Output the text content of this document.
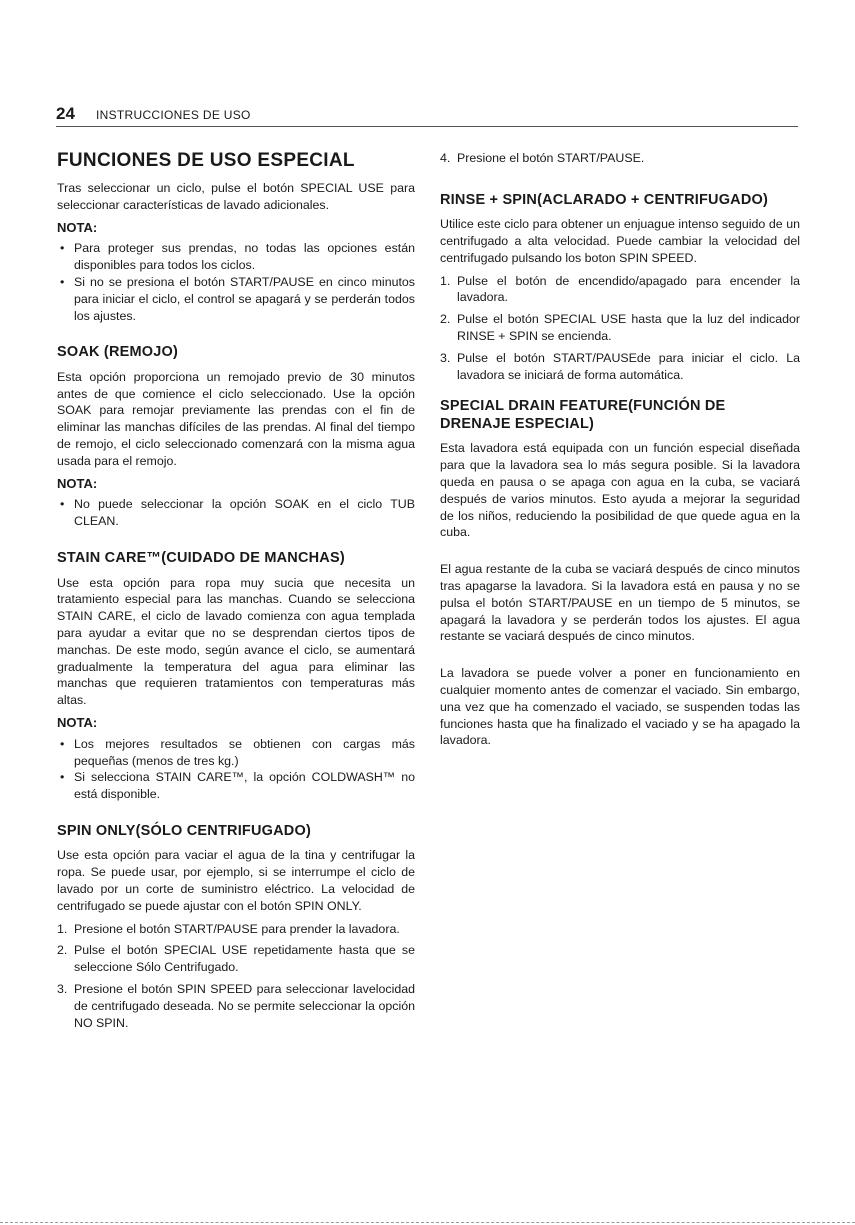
24 INSTRUCCIONES DE USO
FUNCIONES DE USO ESPECIAL

Tras seleccionar un ciclo, pulse el botón SPECIAL USE para seleccionar características de lavado adicionales.

NOTA:
• Para proteger sus prendas, no todas las opciones están disponibles para todos los ciclos.
• Si no se presiona el botón START/PAUSE en cinco minutos para iniciar el ciclo, el control se apagará y se perderán todos los ajustes.
SOAK (REMOJO)

Esta opción proporciona un remojado previo de 30 minutos antes de que comience el ciclo seleccionado. Use la opción SOAK para remojar previamente las prendas con el fin de eliminar las manchas difíciles de las prendas. Al final del tiempo de remojo, el ciclo seleccionado comenzará con la misma agua usada para el remojo.

NOTA:
• No puede seleccionar la opción SOAK en el ciclo TUB CLEAN.
STAIN CARE™(CUIDADO DE MANCHAS)

Use esta opción para ropa muy sucia que necesita un tratamiento especial para las manchas. Cuando se selecciona STAIN CARE, el ciclo de lavado comienza con agua templada para ayudar a evitar que no se desprendan ciertos tipos de manchas. De este modo, según avance el ciclo, se aumentará gradualmente la temperatura del agua para eliminar las manchas que requieren tratamientos con temperaturas más altas.

NOTA:
• Los mejores resultados se obtienen con cargas más pequeñas (menos de tres kg.)
• Si selecciona STAIN CARE™, la opción COLDWASH™ no está disponible.
SPIN ONLY(SÓLO CENTRIFUGADO)

Use esta opción para vaciar el agua de la tina y centrifugar la ropa. Se puede usar, por ejemplo, si se interrumpe el ciclo de lavado por un corte de suministro eléctrico. La velocidad de centrifugado se puede ajustar con el botón SPIN ONLY.

1. Presione el botón START/PAUSE para prender la lavadora.
2. Pulse el botón SPECIAL USE repetidamente hasta que se seleccione Sólo Centrifugado.
3. Presione el botón SPIN SPEED para seleccionar lavelocidad de centrifugado deseada. No se permite seleccionar la opción NO SPIN.
4. Presione el botón START/PAUSE.
RINSE + SPIN(ACLARADO + CENTRIFUGADO)

Utilice este ciclo para obtener un enjuague intenso seguido de un centrifugado a alta velocidad. Puede cambiar la velocidad del centrifugado pulsando los boton SPIN SPEED.

1. Pulse el botón de encendido/apagado para encender la lavadora.
2. Pulse el botón SPECIAL USE hasta que la luz del indicador RINSE + SPIN se encienda.
3. Pulse el botón START/PAUSEde para iniciar el ciclo. La lavadora se iniciará de forma automática.
SPECIAL DRAIN FEATURE(FUNCIÓN DE DRENAJE ESPECIAL)

Esta lavadora está equipada con un función especial diseñada para que la lavadora sea lo más segura posible. Si la lavadora queda en pausa o se apaga con agua en la cuba, se vaciará después de varios minutos. Esto ayuda a mejorar la seguridad de los niños, reduciendo la posibilidad de que quede agua en la cuba.

El agua restante de la cuba se vaciará después de cinco minutos tras apagarse la lavadora. Si la lavadora está en pausa y no se pulsa el botón START/PAUSE en un tiempo de 5 minutos, se apagará la lavadora y se perderán todos los ajustes. El agua restante se vaciará después de cinco minutos.

La lavadora se puede volver a poner en funcionamiento en cualquier momento antes de comenzar el vaciado. Sin embargo, una vez que ha comenzado el vaciado, se suspenden todas las funciones hasta que ha finalizado el vaciado y se ha apagado la lavadora.
